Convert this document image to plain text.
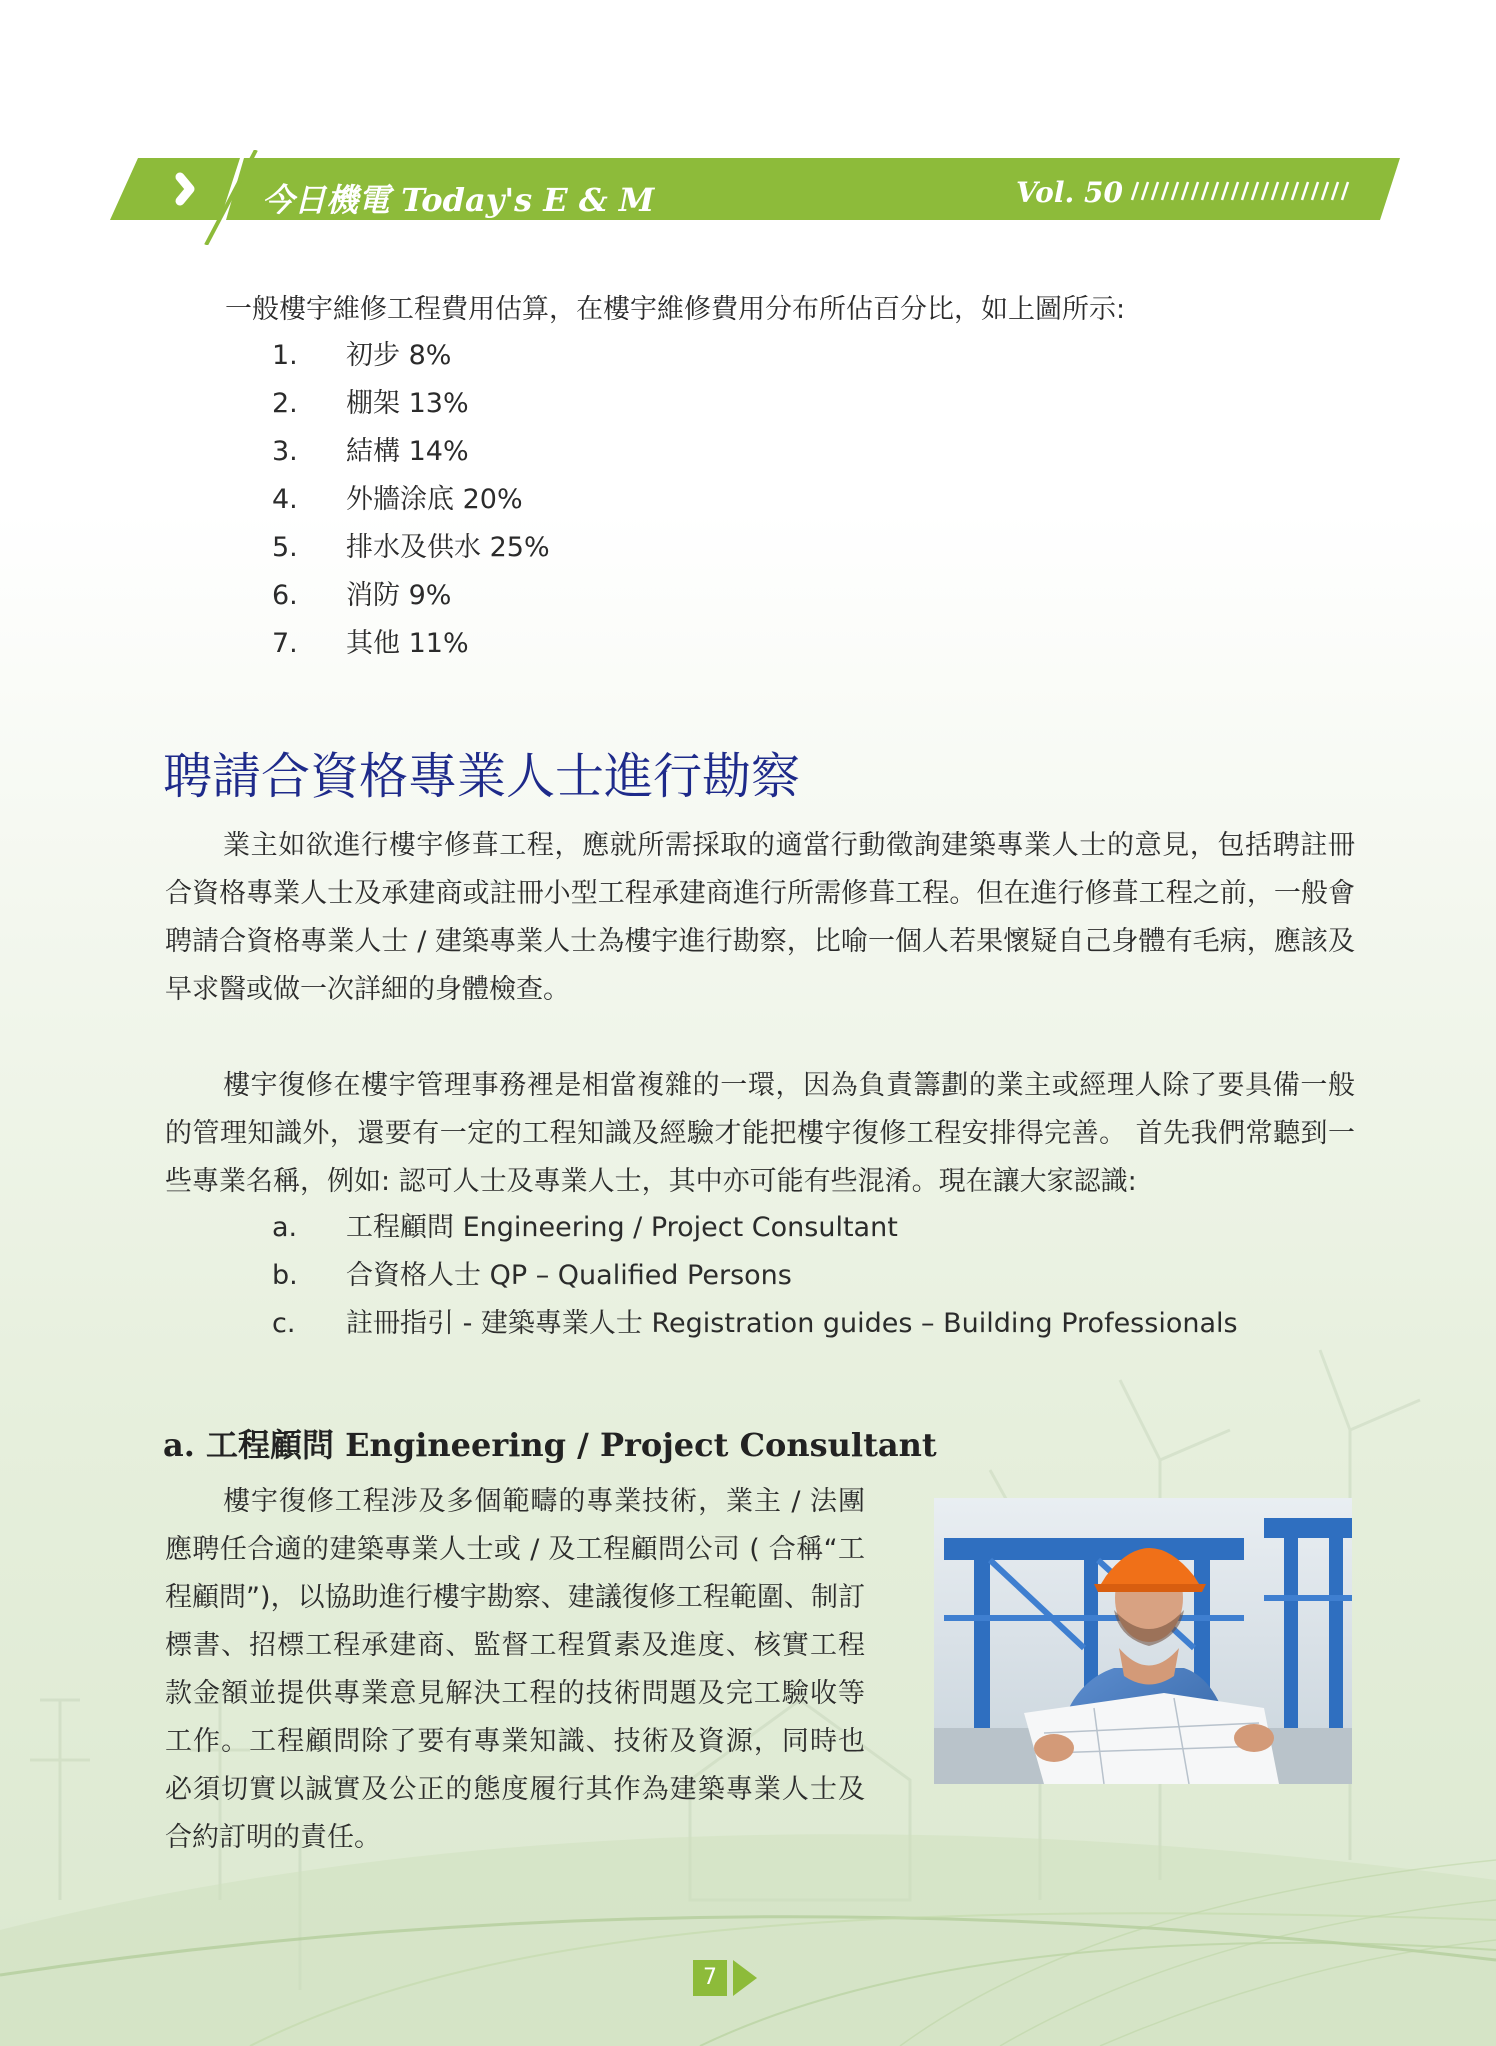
今日機電 Today's E & M	Vol. 50
一般樓宇維修工程費用估算，在樓宇維修費用分布所佔百分比，如上圖所示:
1. 初步 8%
2. 棚架 13%
3. 結構 14%
4. 外牆涂底 20%
5. 排水及供水 25%
6. 消防 9%
7. 其他 11%
聘請合資格專業人士進行勘察

業主如欲進行樓宇修葺工程，應就所需採取的適當行動徵詢建築專業人士的意見，包括聘註冊合資格專業人士及承建商或註冊小型工程承建商進行所需修葺工程。但在進行修葺工程之前，一般會聘請合資格專業人士 / 建築專業人士為樓宇進行勘察，比喻一個人若果懷疑自己身體有毛病，應該及早求醫或做一次詳細的身體檢查。

樓宇復修在樓宇管理事務裡是相當複雜的一環，因為負責籌劃的業主或經理人除了要具備一般的管理知識外，還要有一定的工程知識及經驗才能把樓宇復修工程安排得完善。 首先我們常聽到一些專業名稱，例如: 認可人士及專業人士，其中亦可能有些混淆。現在讓大家認識:

a. 工程顧問 Engineering / Project Consultant
b. 合資格人士 QP – Qualified Persons
c. 註冊指引 - 建築專業人士 Registration guides – Building Professionals
a. 工程顧問 Engineering / Project Consultant

樓宇復修工程涉及多個範疇的專業技術，業主 / 法團應聘任合適的建築專業人士或 / 及工程顧問公司 ( 合稱“工程顧問”)，以協助進行樓宇勘察、建議復修工程範圍、制訂標書、招標工程承建商、監督工程質素及進度、核實工程款金額並提供專業意見解決工程的技術問題及完工驗收等工作。工程顧問除了要有專業知識、技術及資源，同時也必須切實以誠實及公正的態度履行其作為建築專業人士及合約訂明的責任。

7
